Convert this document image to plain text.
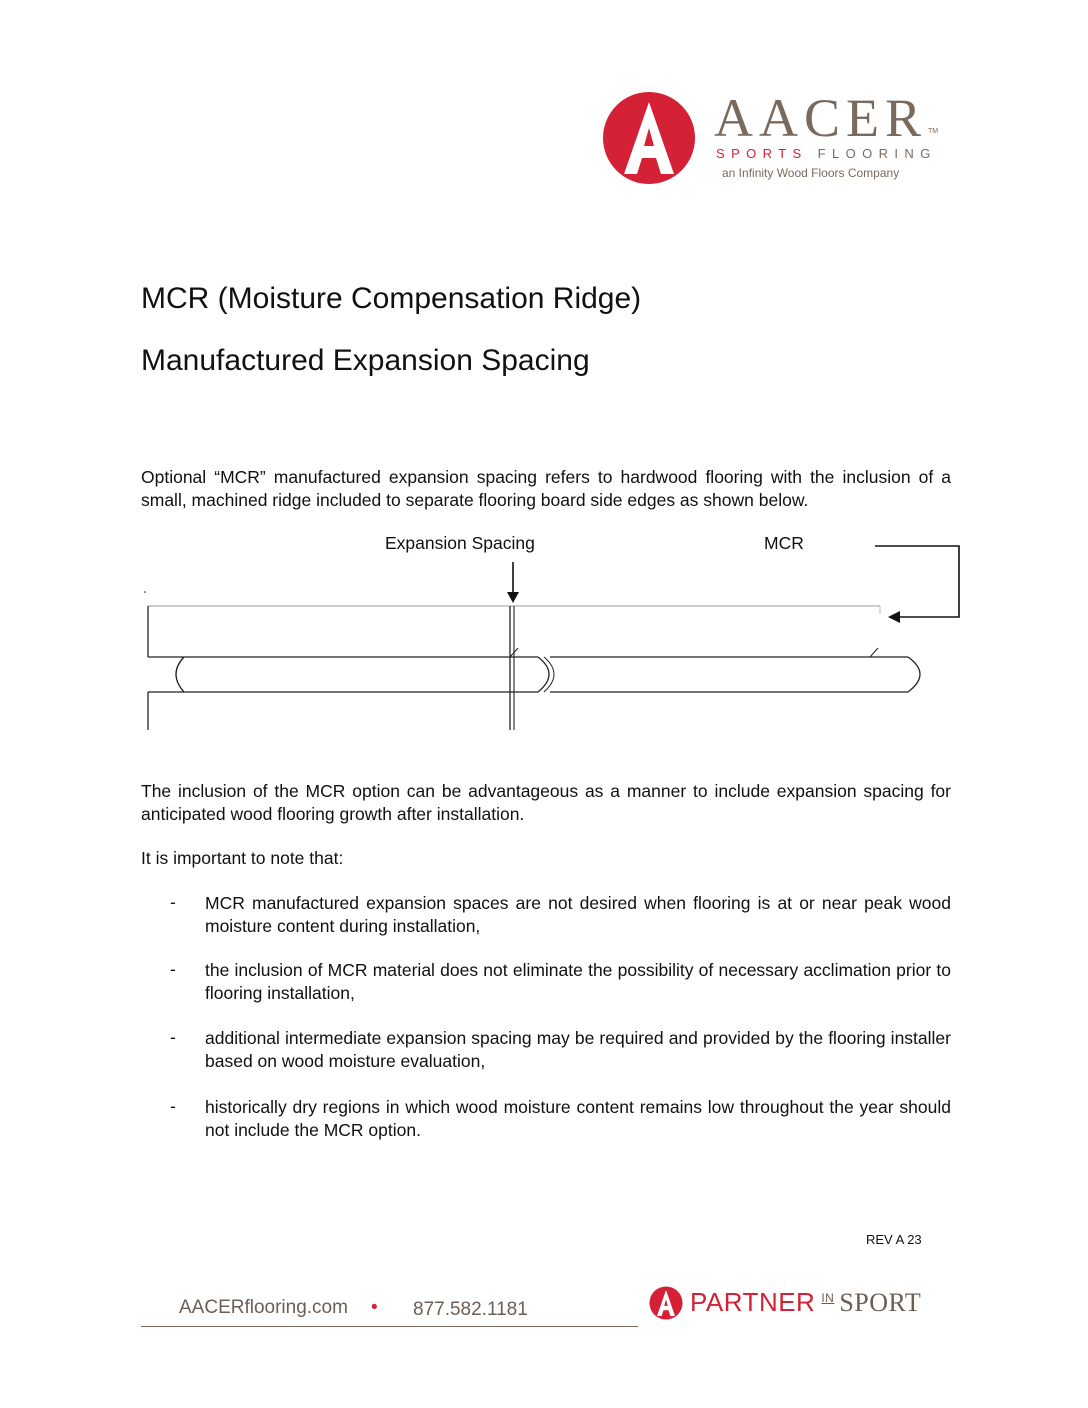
AACER TM
SPORTS FLOORING
an Infinity Wood Floors Company
MCR (Moisture Compensation Ridge)
Manufactured Expansion Spacing
Optional “MCR” manufactured expansion spacing refers to hardwood flooring with the inclusion of a small, machined ridge included to separate flooring board side edges as shown below.
Expansion Spacing	MCR
The inclusion of the MCR option can be advantageous as a manner to include expansion spacing for anticipated wood flooring growth after installation.
It is important to note that:
- MCR manufactured expansion spaces are not desired when flooring is at or near peak wood moisture content during installation,
- the inclusion of MCR material does not eliminate the possibility of necessary acclimation prior to flooring installation,
- additional intermediate expansion spacing may be required and provided by the flooring installer based on wood moisture evaluation,
- historically dry regions in which wood moisture content remains low throughout the year should not include the MCR option.
REV A 23
AACERflooring.com • 877.582.1181	PARTNER $^{IN}$ SPORT
